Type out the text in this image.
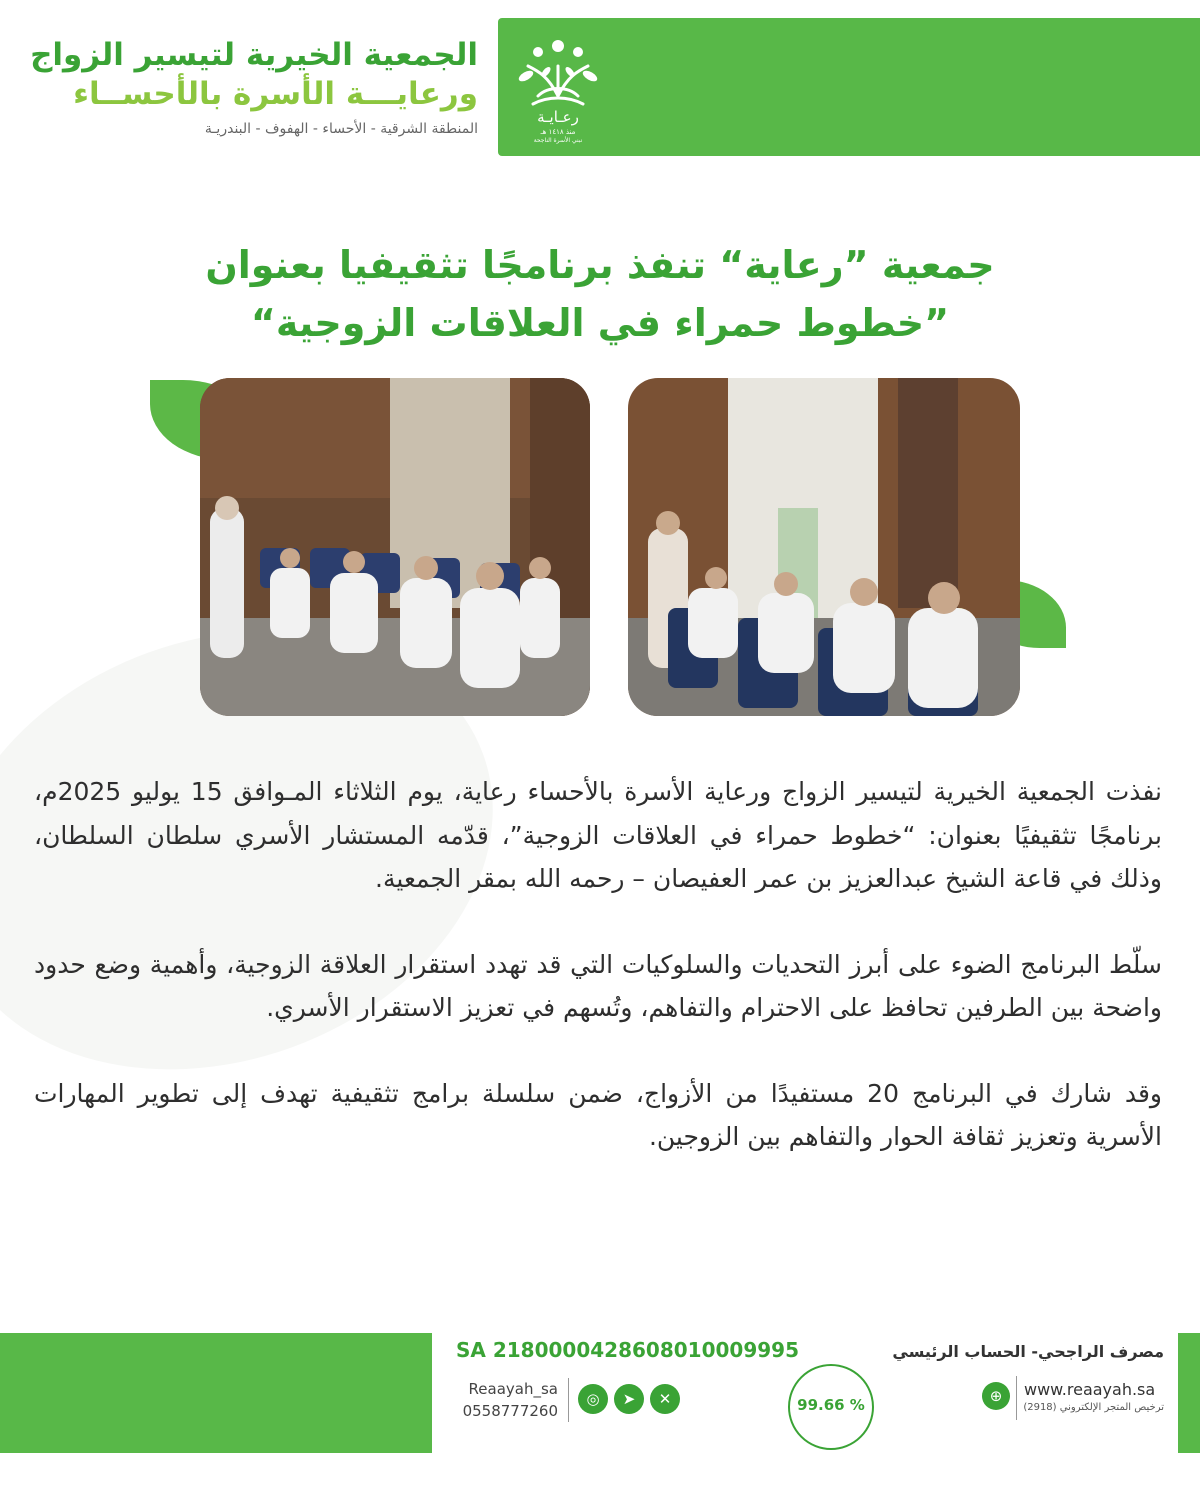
رعـايـة
منذ ١٤١٨ هـ
نبني الأسرة الناجحة
الجمعية الخيرية لتيسير الزواج
ورعايـــة الأسرة بالأحســاء
المنطقة الشرقية - الأحساء - الهفوف - البندريـة
جمعية ”رعاية“ تنفذ برنامجًا تثقيفيا بعنوان
”خطوط حمراء في العلاقات الزوجية“

نفذت الجمعية الخيرية لتيسير الزواج ورعاية الأسرة بالأحساء رعاية، يوم الثلاثاء المـوافق 15 يوليو 2025م، برنامجًا تثقيفيًا بعنوان: “خطوط حمراء في العلاقات الزوجية”، قدّمه المستشار الأسري سلطان السلطان، وذلك في قاعة الشيخ عبدالعزيز بن عمر العفيصان – رحمه الله بمقر الجمعية.

سلّط البرنامج الضوء على أبرز التحديات والسلوكيات التي قد تهدد استقرار العلاقة الزوجية، وأهمية وضع حدود واضحة بين الطرفين تحافظ على الاحترام والتفاهم، وتُسهم في تعزيز الاستقرار الأسري.

وقد شارك في البرنامج 20 مستفيدًا من الأزواج، ضمن سلسلة برامج تثقيفية تهدف إلى تطوير المهارات الأسرية وتعزيز ثقافة الحوار والتفاهم بين الزوجين.

SA 2180000428608010009995
Reaayah_sa
0558777260
◎	➤	✕	99.66 %
مصرف الراجحي- الحساب الرئيسي
⊕	www.reaayah.sa
ترخيص المتجر الإلكتروني (2918)
